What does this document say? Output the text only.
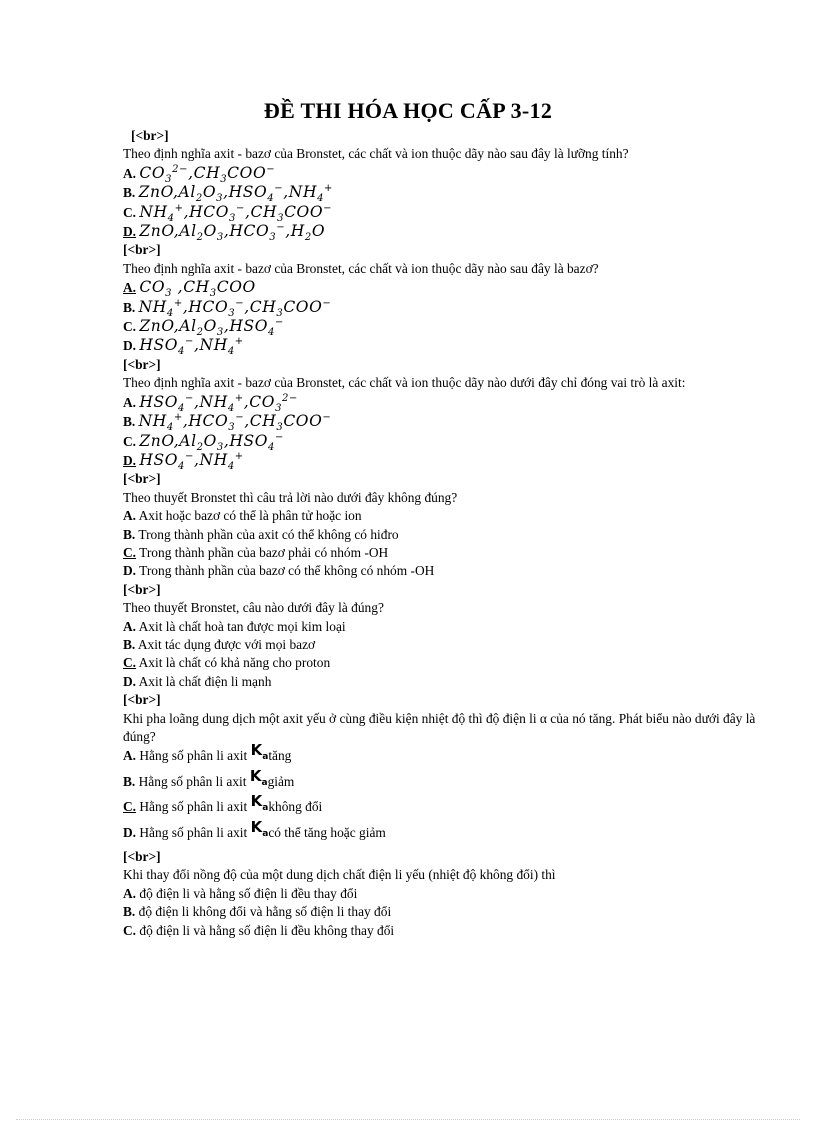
ĐỀ THI HÓA HỌC CẤP 3-12
[<br>]
Theo định nghĩa axit - bazơ của Bronstet, các chất và ion thuộc dãy nào sau đây là lưỡng tính?
A. $CO_3^{2-},CH_3COO^-$
B. $ZnO,Al_2O_3,HSO_4^-,NH_4^+$
C. $NH_4^+,HCO_3^-,CH_3COO^-$
D. $ZnO,Al_2O_3,HCO_3^-,H_2O$
[<br>]
Theo định nghĩa axit - bazơ của Bronstet, các chất và ion thuộc dãy nào sau đây là bazơ?
A. $CO_3$ $,CH_3COO$
B. $NH_4^+,HCO_3^-,CH_3COO^-$
C. $ZnO,Al_2O_3,HSO_4^-$
D. $HSO_4^-,NH_4^+$
[<br>]
Theo định nghĩa axit - bazơ của Bronstet, các chất và ion thuộc dãy nào dưới đây chỉ đóng vai trò là axit:
A. $HSO_4^-,NH_4^+,CO_3^{2-}$
B. $NH_4^+,HCO_3^-,CH_3COO^-$
C. $ZnO,Al_2O_3,HSO_4^-$
D. $HSO_4^-,NH_4^+$
[<br>]
Theo thuyết Bronstet thì câu trả lời nào dưới đây không đúng?
A. Axit hoặc bazơ có thể là phân tử hoặc ion
B. Trong thành phần của axit có thể không có hiđro
C. Trong thành phần của bazơ phải có nhóm -OH
D. Trong thành phần của bazơ có thể không có nhóm -OH
[<br>]
Theo thuyết Bronstet, câu nào dưới đây là đúng?
A. Axit là chất hoà tan được mọi kim loại
B. Axit tác dụng được với mọi bazơ
C. Axit là chất có khả năng cho proton
D. Axit là chất điện li mạnh
[<br>]
Khi pha loãng dung dịch một axit yếu ở cùng điều kiện nhiệt độ thì độ điện li α của nó tăng. Phát biểu nào dưới đây là đúng?
A. Hằng số phân li axit $K_atăng$
B. Hằng số phân li axit $K_agiảm$
C. Hằng số phân li axit $K_akhông$ đổi
D. Hằng số phân li axit $K_acó$ thể tăng hoặc giảm
[<br>]
Khi thay đổi nồng độ của một dung dịch chất điện li yếu (nhiệt độ không đổi) thì
A. độ điện li và hằng số điện li đều thay đổi
B. độ điện li không đổi và hằng số điện li thay đổi
C. độ điện li và hằng số điện li đều không thay đổi
